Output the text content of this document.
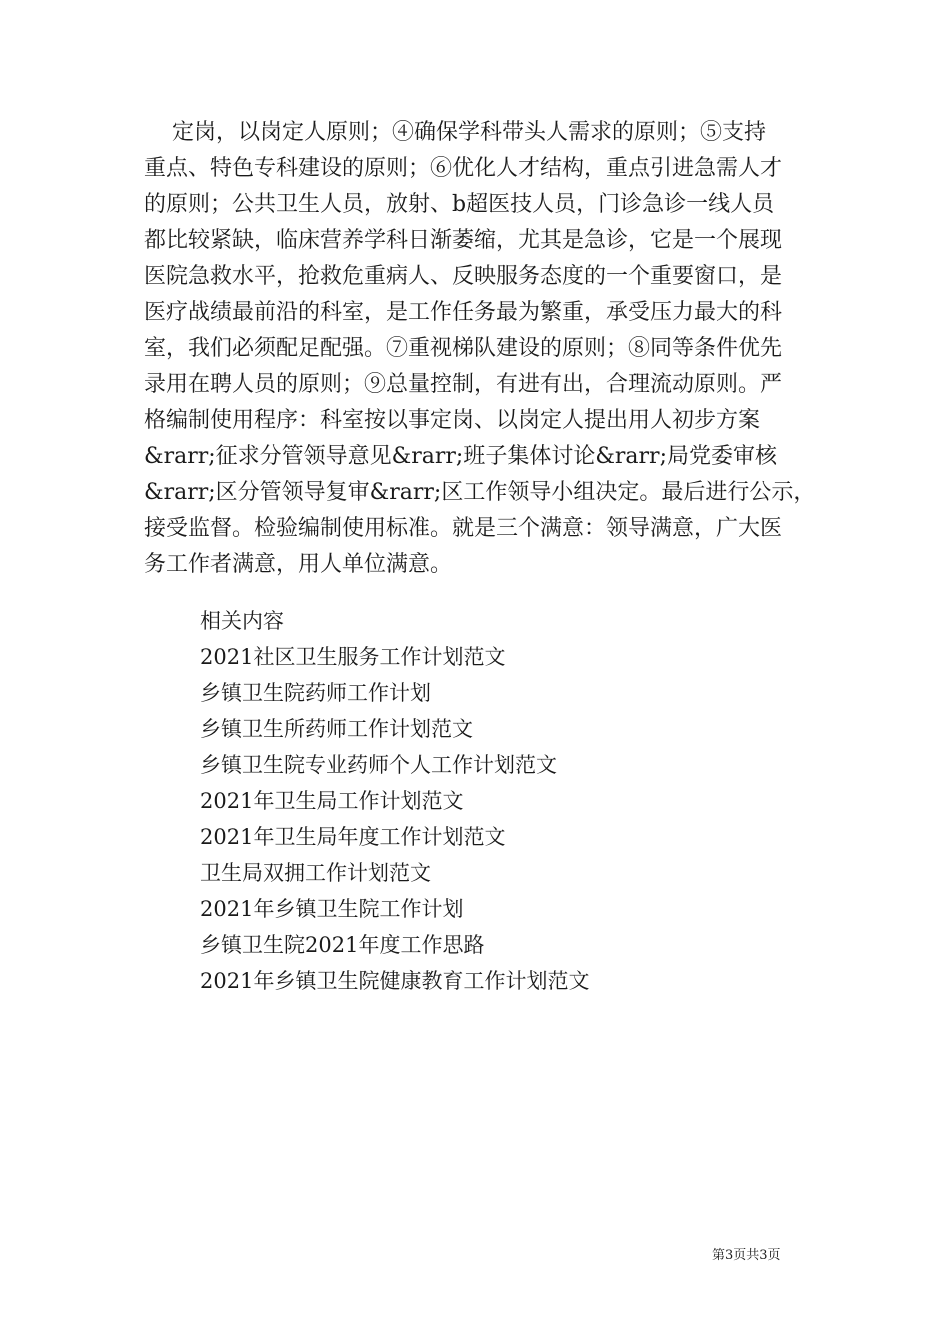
定岗，以岗定人原则；④确保学科带头人需求的原则；⑤支持
重点、特色专科建设的原则；⑥优化人才结构，重点引进急需人才
的原则；公共卫生人员，放射、b超医技人员，门诊急诊一线人员
都比较紧缺，临床营养学科日渐萎缩，尤其是急诊，它是一个展现
医院急救水平，抢救危重病人、反映服务态度的一个重要窗口，是
医疗战绩最前沿的科室，是工作任务最为繁重，承受压力最大的科
室，我们必须配足配强。⑦重视梯队建设的原则；⑧同等条件优先
录用在聘人员的原则；⑨总量控制，有进有出，合理流动原则。严
格编制使用程序：科室按以事定岗、以岗定人提出用人初步方案
&rarr;征求分管领导意见&rarr;班子集体讨论&rarr;局党委审核
&rarr;区分管领导复审&rarr;区工作领导小组决定。最后进行公示，
接受监督。检验编制使用标准。就是三个满意：领导满意，广大医
务工作者满意，用人单位满意。

相关内容
2021社区卫生服务工作计划范文
乡镇卫生院药师工作计划
乡镇卫生所药师工作计划范文
乡镇卫生院专业药师个人工作计划范文
2021年卫生局工作计划范文
2021年卫生局年度工作计划范文
卫生局双拥工作计划范文
2021年乡镇卫生院工作计划
乡镇卫生院2021年度工作思路
2021年乡镇卫生院健康教育工作计划范文
第3页共3页
